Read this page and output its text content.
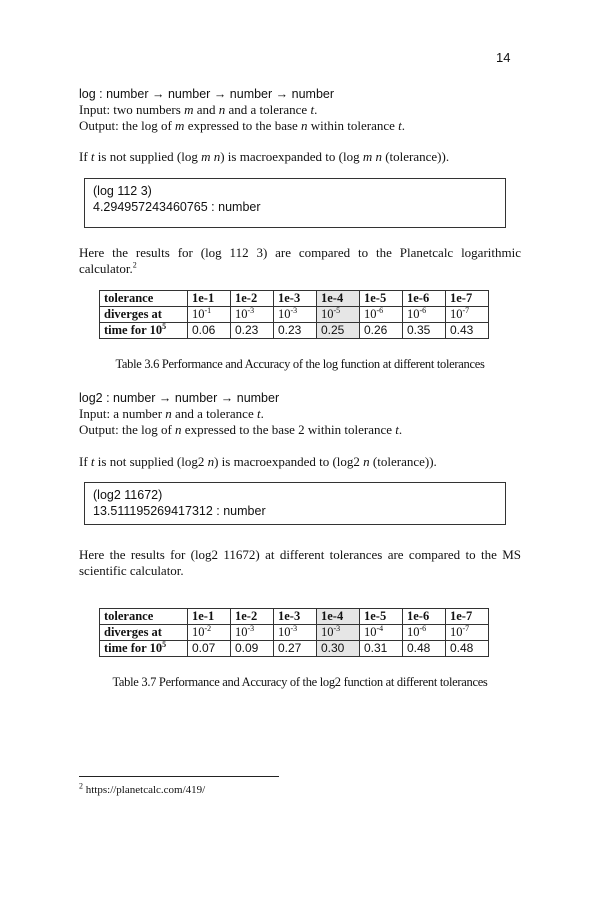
14
log : number → number → number → number
Input: two numbers m and n and a tolerance t.
Output: the log of m expressed to the base n within tolerance t.
If t is not supplied (log m n) is macroexpanded to (log m n (tolerance)).
(log 112 3)
4.294957243460765 : number
Here the results for (log 112 3) are compared to the Planetcalc logarithmic calculator.$^2$
tolerance	1e-1	1e-2	1e-3	1e-4	1e-5	1e-6	1e-7
diverges at	$10^{-1}$	$10^{-3}$	$10^{-3}$	$10^{-5}$	$10^{-6}$	$10^{-6}$	$10^{-7}$
time for $10^5$	0.06	0.23	0.23	0.25	0.26	0.35	0.43
Table 3.6 Performance and Accuracy of the log function at different tolerances
log2 : number → number → number
Input: a number n and a tolerance t.
Output: the log of n expressed to the base 2 within tolerance t.
If t is not supplied (log2 n) is macroexpanded to (log2 n (tolerance)).
(log2 11672)
13.511195269417312 : number
Here the results for (log2 11672) at different tolerances are compared to the MS scientific calculator.
tolerance	1e-1	1e-2	1e-3	1e-4	1e-5	1e-6	1e-7
diverges at	$10^{-2}$	$10^{-3}$	$10^{-3}$	$10^{-3}$	$10^{-4}$	$10^{-6}$	$10^{-7}$
time for $10^5$	0.07	0.09	0.27	0.30	0.31	0.48	0.48
Table 3.7 Performance and Accuracy of the log2 function at different tolerances
$^2$ https://planetcalc.com/419/
